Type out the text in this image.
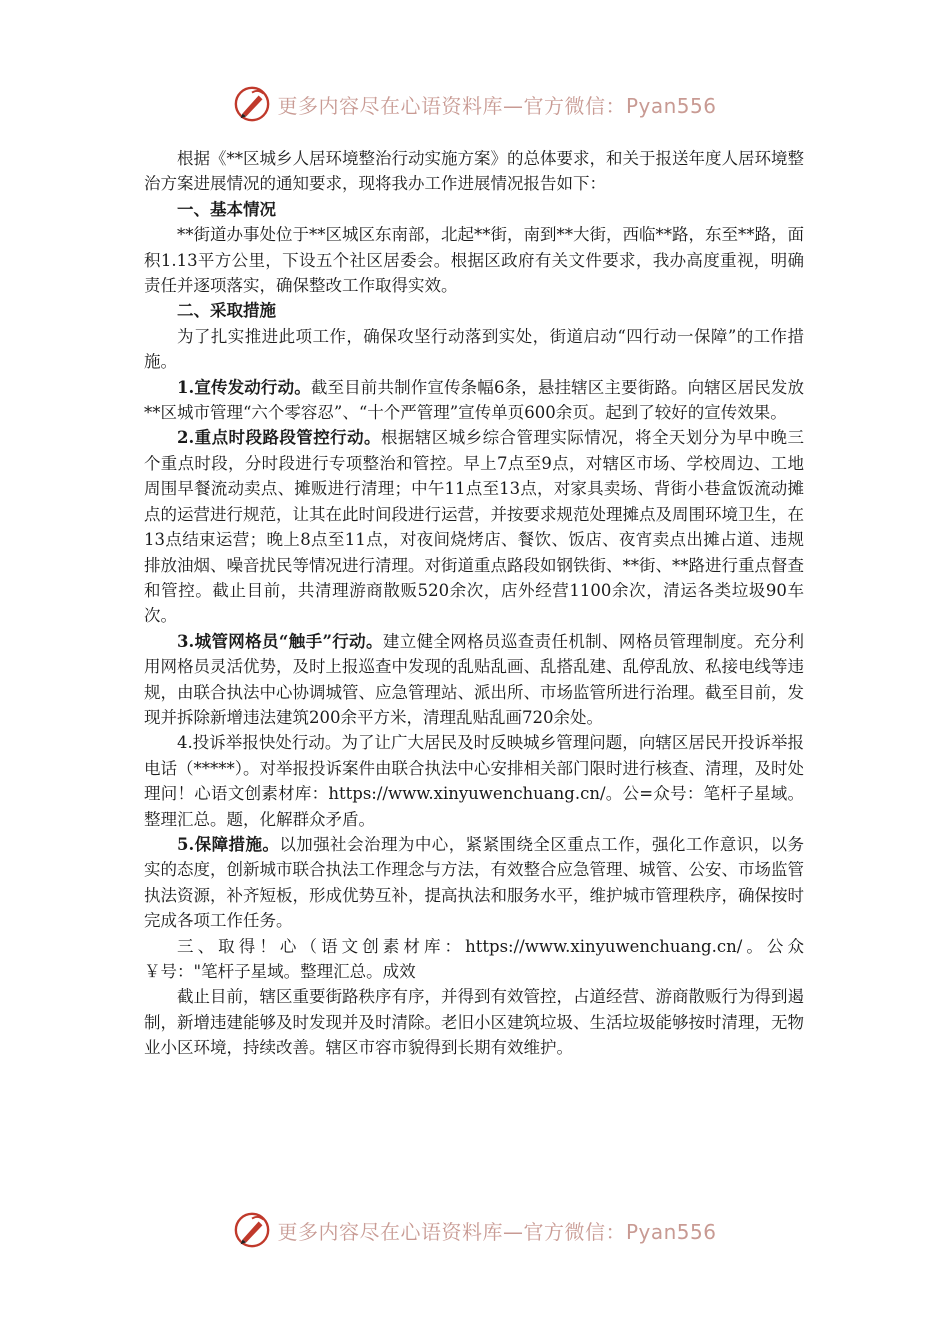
更多内容尽在心语资料库—官方微信：Pyan556

根据《**区城乡人居环境整治行动实施方案》的总体要求，和关于报送年度人居环境整治方案进展情况的通知要求，现将我办工作进展情况报告如下：

一、基本情况

**街道办事处位于**区城区东南部，北起**街，南到**大街，西临**路，东至**路，面积1.13平方公里，下设五个社区居委会。根据区政府有关文件要求，我办高度重视，明确责任并逐项落实，确保整改工作取得实效。

二、采取措施

为了扎实推进此项工作，确保攻坚行动落到实处，街道启动“四行动一保障”的工作措施。

1.宣传发动行动。截至目前共制作宣传条幅6条，悬挂辖区主要街路。向辖区居民发放**区城市管理“六个零容忍”、“十个严管理”宣传单页600余页。起到了较好的宣传效果。

2.重点时段路段管控行动。根据辖区城乡综合管理实际情况，将全天划分为早中晚三个重点时段，分时段进行专项整治和管控。早上7点至9点，对辖区市场、学校周边、工地周围早餐流动卖点、摊贩进行清理；中午11点至13点，对家具卖场、背街小巷盒饭流动摊点的运营进行规范，让其在此时间段进行运营，并按要求规范处理摊点及周围环境卫生，在13点结束运营；晚上8点至11点，对夜间烧烤店、餐饮、饭店、夜宵卖点出摊占道、违规排放油烟、噪音扰民等情况进行清理。对街道重点路段如钢铁街、**街、**路进行重点督查和管控。截止目前，共清理游商散贩520余次，店外经营1100余次，清运各类垃圾90车次。

3.城管网格员“触手”行动。建立健全网格员巡查责任机制、网格员管理制度。充分利用网格员灵活优势，及时上报巡查中发现的乱贴乱画、乱搭乱建、乱停乱放、私接电线等违规，由联合执法中心协调城管、应急管理站、派出所、市场监管所进行治理。截至目前，发现并拆除新增违法建筑200余平方米，清理乱贴乱画720余处。

4.投诉举报快处行动。为了让广大居民及时反映城乡管理问题，向辖区居民开投诉举报电话（*****）。对举报投诉案件由联合执法中心安排相关部门限时进行核查、清理，及时处理问！心语文创素材库：https://www.xinyuwenchuang.cn/。公=众号：笔杆子星域。整理汇总。题，化解群众矛盾。

5.保障措施。以加强社会治理为中心，紧紧围绕全区重点工作，强化工作意识，以务实的态度，创新城市联合执法工作理念与方法，有效整合应急管理、城管、公安、市场监管执法资源，补齐短板，形成优势互补，提高执法和服务水平，维护城市管理秩序，确保按时完成各项工作任务。

三、取得！心（语文创素材库：https://www.xinyuwenchuang.cn/。公众￥号："笔杆子星域。整理汇总。成效

截止目前，辖区重要街路秩序有序，并得到有效管控，占道经营、游商散贩行为得到遏制，新增违建能够及时发现并及时清除。老旧小区建筑垃圾、生活垃圾能够按时清理，无物业小区环境，持续改善。辖区市容市貌得到长期有效维护。

更多内容尽在心语资料库—官方微信：Pyan556
